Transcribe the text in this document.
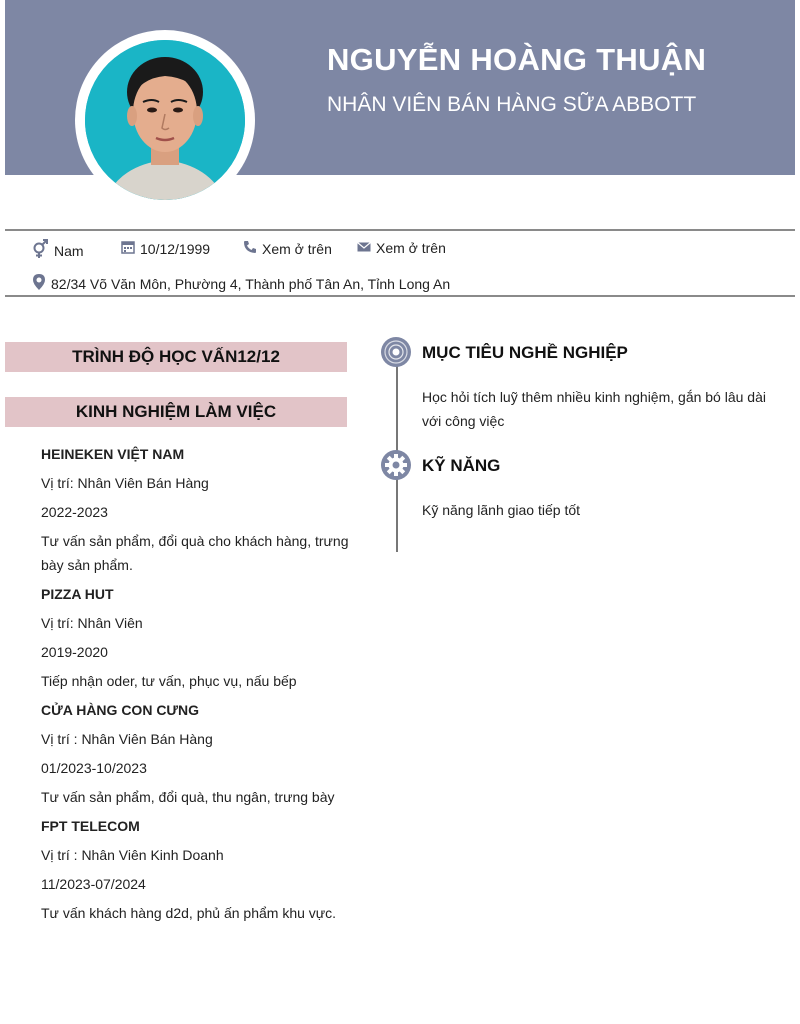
NGUYỄN HOÀNG THUẬN
NHÂN VIÊN BÁN HÀNG SỮA ABBOTT
Nam	10/12/1999	Xem ở trên	Xem ở trên
82/34 Võ Văn Môn, Phường 4, Thành phố Tân An, Tỉnh Long An
TRÌNH ĐỘ HỌC VẤN12/12
KINH NGHIỆM LÀM VIỆC
HEINEKEN VIỆT NAM
Vị trí: Nhân Viên Bán Hàng
2022-2023
Tư vấn sản phẩm, đổi quà cho khách hàng, trưng bày sản phẩm.
PIZZA HUT
Vị trí: Nhân Viên
2019-2020
Tiếp nhận oder, tư vấn, phục vụ, nấu bếp
CỬA HÀNG CON CƯNG
Vị trí : Nhân Viên Bán Hàng
01/2023-10/2023
Tư vấn sản phẩm, đổi quà, thu ngân, trưng bày
FPT TELECOM
Vị trí : Nhân Viên Kinh Doanh
11/2023-07/2024
Tư vấn khách hàng d2d, phủ ấn phẩm khu vực.
MỤC TIÊU NGHỀ NGHIỆP
Học hỏi tích luỹ thêm nhiều kinh nghiệm, gắn bó lâu dài với công việc
KỸ NĂNG
Kỹ năng lãnh giao tiếp tốt
